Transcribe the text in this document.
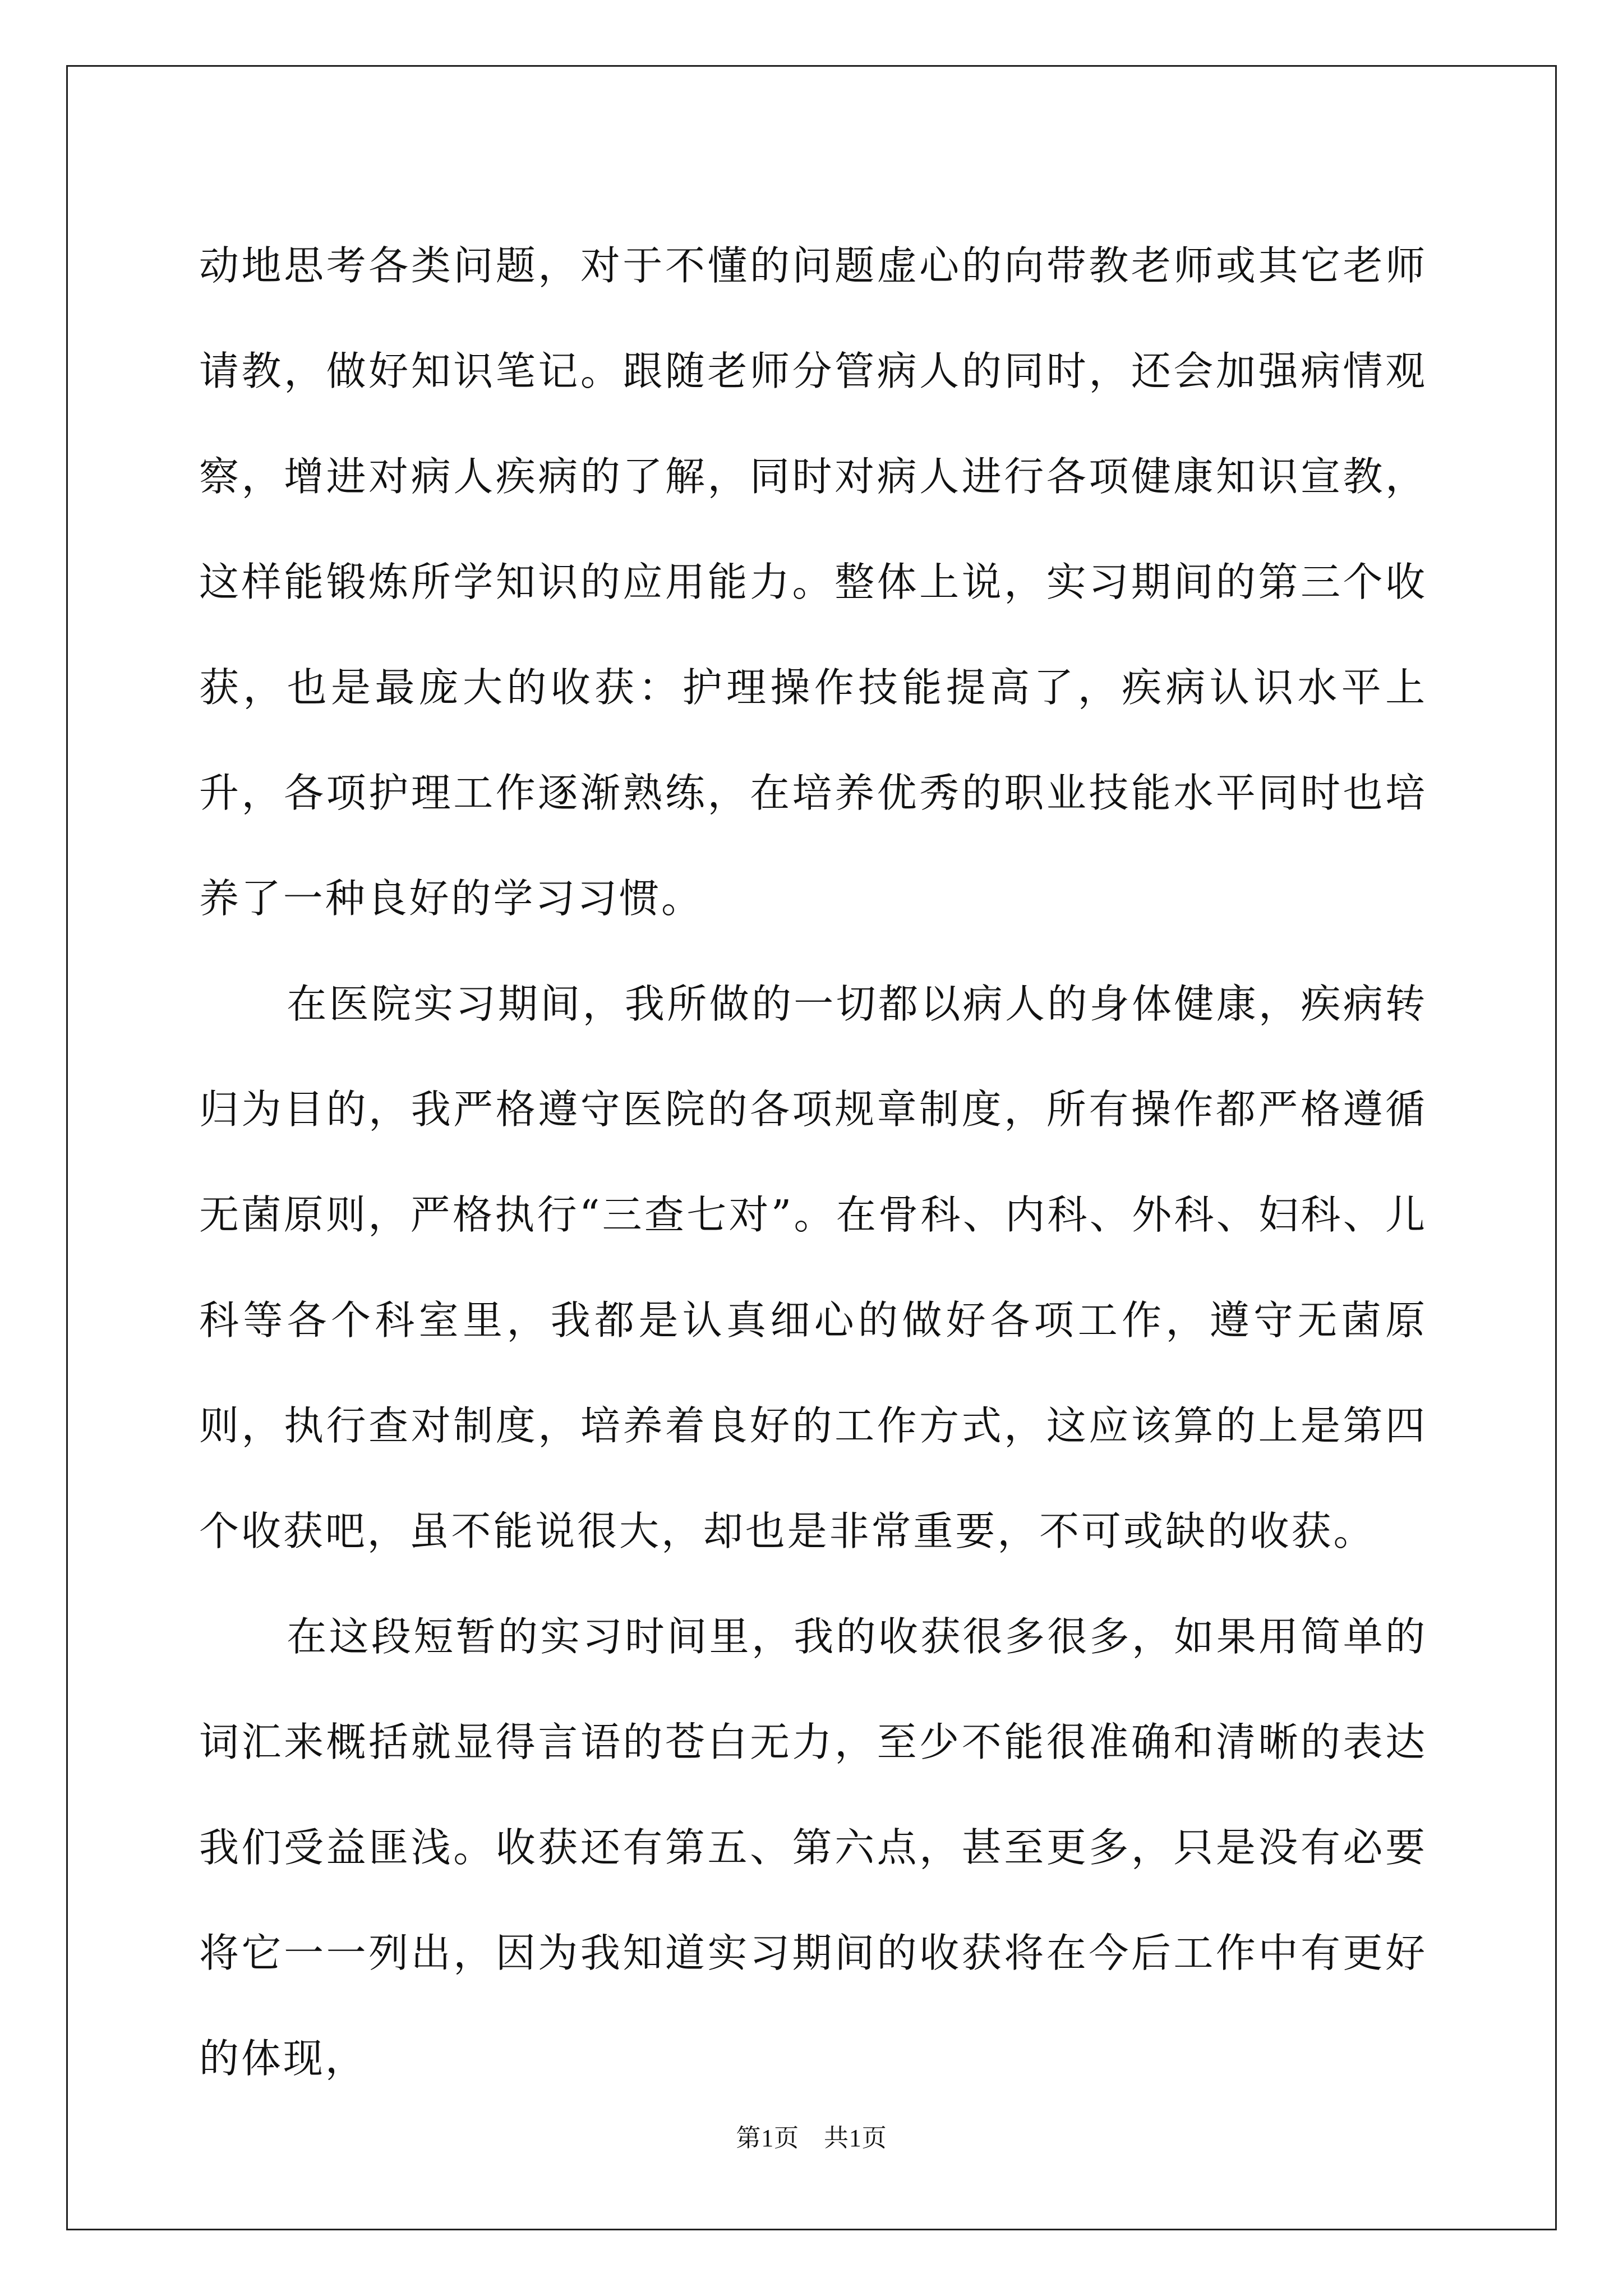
动地思考各类问题，对于不懂的问题虚心的向带教老师或其它老师请教，做好知识笔记。跟随老师分管病人的同时，还会加强病情观察，增进对病人疾病的了解，同时对病人进行各项健康知识宣教，这样能锻炼所学知识的应用能力。整体上说，实习期间的第三个收获，也是最庞大的收获：护理操作技能提高了，疾病认识水平上升，各项护理工作逐渐熟练，在培养优秀的职业技能水平同时也培养了一种良好的学习习惯。

在医院实习期间，我所做的一切都以病人的身体健康，疾病转归为目的，我严格遵守医院的各项规章制度，所有操作都严格遵循无菌原则，严格执行“三查七对”。在骨科、内科、外科、妇科、儿科等各个科室里，我都是认真细心的做好各项工作，遵守无菌原则，执行查对制度，培养着良好的工作方式，这应该算的上是第四个收获吧，虽不能说很大，却也是非常重要，不可或缺的收获。

在这段短暂的实习时间里，我的收获很多很多，如果用简单的词汇来概括就显得言语的苍白无力，至少不能很准确和清晰的表达我们受益匪浅。收获还有第五、第六点，甚至更多，只是没有必要将它一一列出，因为我知道实习期间的收获将在今后工作中有更好的体现，

第1页 共1页
